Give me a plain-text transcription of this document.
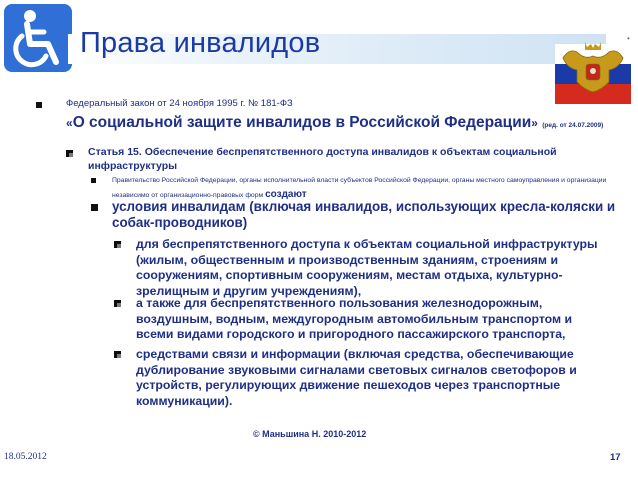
Права инвалидов	•
Федеральный закон от 24 ноября 1995 г. № 181-ФЗ
«О социальной защите инвалидов в Российской Федерации» (ред. от 24.07.2009)
Статья 15. Обеспечение беспрепятственного доступа инвалидов к объектам социальной инфраструктуры
Правительство Российской Федерации, органы исполнительной власти субъектов Российской Федерации, органы местного самоуправления и организации независимо от организационно-правовых форм создают
условия инвалидам (включая инвалидов, использующих кресла-коляски и собак-проводников)
для беспрепятственного доступа к объектам социальной инфраструктуры (жилым, общественным и производственным зданиям, строениям и сооружениям, спортивным сооружениям, местам отдыха, культурно-зрелищным и другим учреждениям),
а также для беспрепятственного пользования железнодорожным, воздушным, водным, междугородным автомобильным транспортом и всеми видами городского и пригородного пассажирского транспорта,
средствами связи и информации (включая средства, обеспечивающие дублирование звуковыми сигналами световых сигналов светофоров и устройств, регулирующих движение пешеходов через транспортные коммуникации).
© Маньшина Н. 2010-2012
18.05.2012	17
